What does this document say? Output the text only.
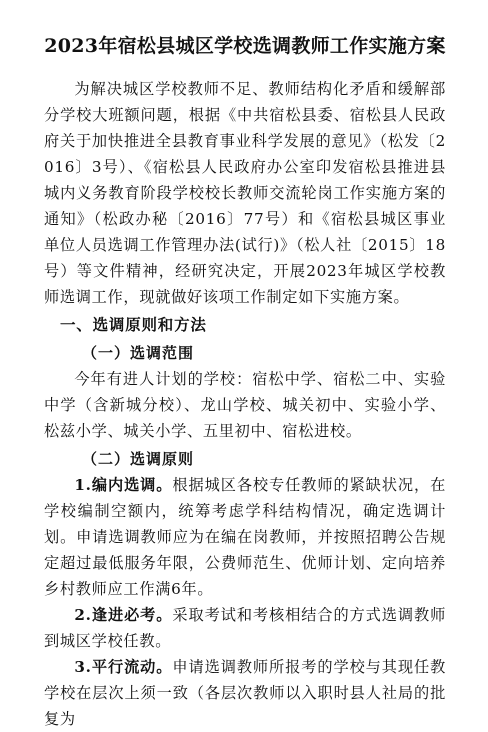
2023年宿松县城区学校选调教师工作实施方案

为解决城区学校教师不足、教师结构化矛盾和缓解部分学校大班额问题，根据《中共宿松县委、宿松县人民政府关于加快推进全县教育事业科学发展的意见》（松发〔2016〕3号）、《宿松县人民政府办公室印发宿松县推进县城内义务教育阶段学校校长教师交流轮岗工作实施方案的通知》（松政办秘〔2016〕77号）和《宿松县城区事业单位人员选调工作管理办法(试行)》（松人社〔2015〕18号）等文件精神，经研究决定，开展2023年城区学校教师选调工作，现就做好该项工作制定如下实施方案。

一、选调原则和方法
（一）选调范围

今年有进人计划的学校：宿松中学、宿松二中、实验中学（含新城分校）、龙山学校、城关初中、实验小学、松兹小学、城关小学、五里初中、宿松进校。

（二）选调原则

1.编内选调。根据城区各校专任教师的紧缺状况，在学校编制空额内，统筹考虑学科结构情况，确定选调计划。申请选调教师应为在编在岗教师，并按照招聘公告规定超过最低服务年限，公费师范生、优师计划、定向培养乡村教师应工作满6年。

2.逢进必考。采取考试和考核相结合的方式选调教师到城区学校任教。

3.平行流动。申请选调教师所报考的学校与其现任教学校在层次上须一致（各层次教师以入职时县人社局的批复为
